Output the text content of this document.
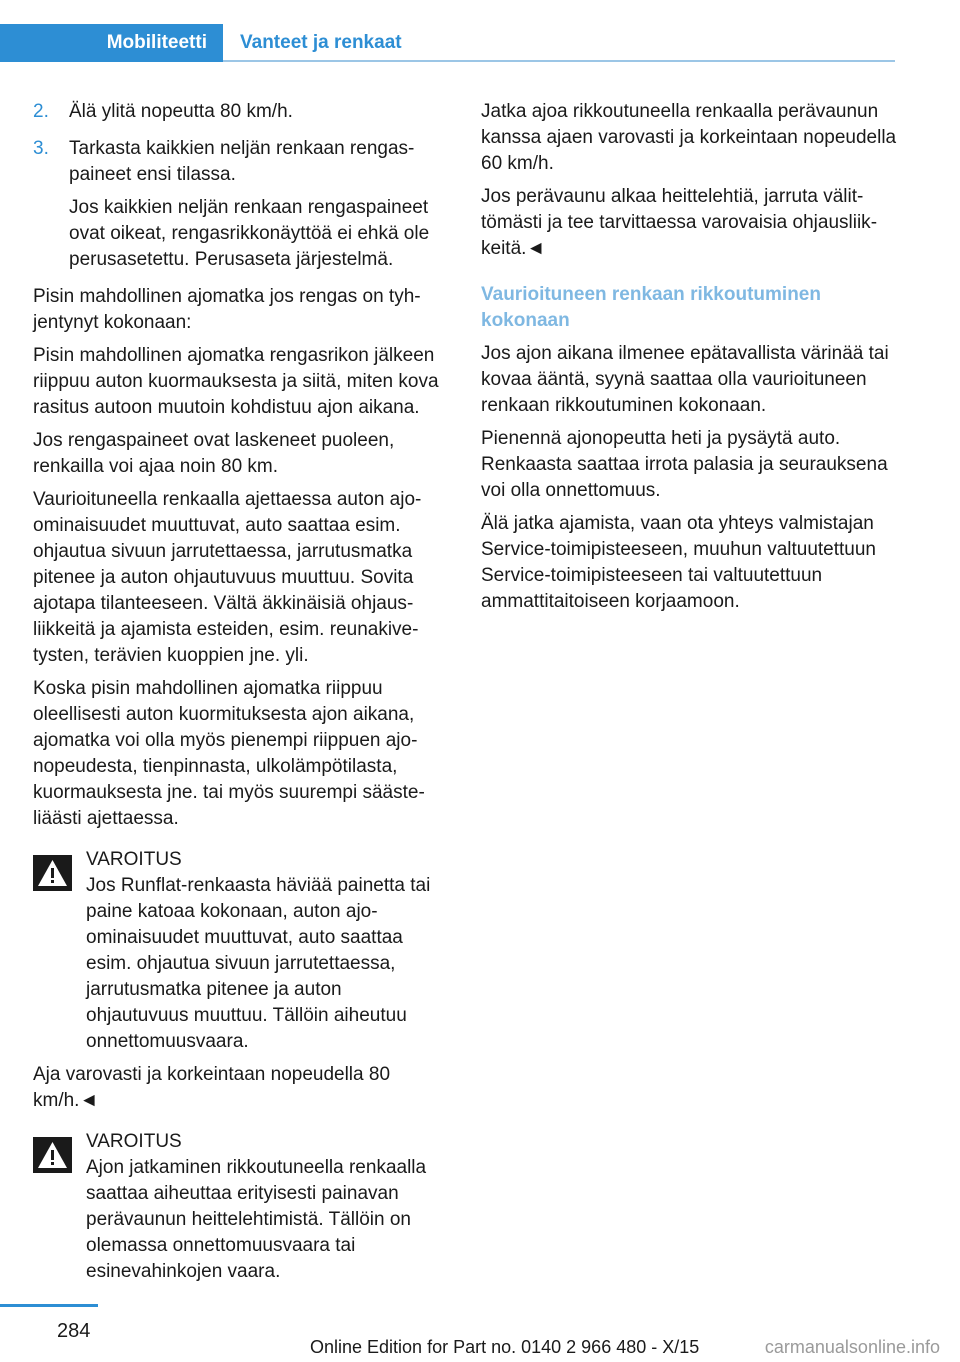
Mobiliteetti	Vanteet ja renkaat
2.	Älä ylitä nopeutta 80 km/h.

3.	Tarkasta kaikkien neljän renkaan rengaspaineet ensi tilassa.

Jos kaikkien neljän renkaan rengaspaineet ovat oikeat, rengasrikkonäyttöä ei ehkä ole perusasetettu. Perusaseta järjestelmä.

Pisin mahdollinen ajomatka jos rengas on tyhjentynyt kokonaan:

Pisin mahdollinen ajomatka rengasrikon jälkeen riippuu auton kuormauksesta ja siitä, miten kova rasitus autoon muutoin kohdistuu ajon aikana.

Jos rengaspaineet ovat laskeneet puoleen, renkailla voi ajaa noin 80 km.

Vaurioituneella renkaalla ajettaessa auton ajoominaisuudet muuttuvat, auto saattaa esim. ohjautua sivuun jarrutettaessa, jarrutusmatka pitenee ja auton ohjautuvuus muuttuu. Sovita ajotapa tilanteeseen. Vältä äkkinäisiä ohjausliikkeitä ja ajamista esteiden, esim. reunakivetysten, terävien kuoppien jne. yli.

Koska pisin mahdollinen ajomatka riippuu oleellisesti auton kuormituksesta ajon aikana, ajomatka voi olla myös pienempi riippuen ajonopeudesta, tienpinnasta, ulkolämpötilasta, kuormauksesta jne. tai myös suurempi säästeliäästi ajettaessa.

VAROITUS

Jos Runflat-renkaasta häviää painetta tai paine katoaa kokonaan, auton ajo-ominaisuudet muuttuvat, auto saattaa esim. ohjautua sivuun jarrutettaessa, jarrutusmatka pitenee ja auton ohjautuvuus muuttuu. Tällöin aiheutuu onnettomuusvaara.

Aja varovasti ja korkeintaan nopeudella 80 km/h.◄

VAROITUS

Ajon jatkaminen rikkoutuneella renkaalla saattaa aiheuttaa erityisesti painavan perävaunun heittelehtimistä. Tällöin on olemassa onnettomuusvaara tai esinevahinkojen vaara.

Jatka ajoa rikkoutuneella renkaalla perävaunun kanssa ajaen varovasti ja korkeintaan nopeudella 60 km/h.

Jos perävaunu alkaa heittelehtiä, jarruta välittömästi ja tee tarvittaessa varovaisia ohjausliikkeitä.◄

Vaurioituneen renkaan rikkoutuminen kokonaan

Jos ajon aikana ilmenee epätavallista värinää tai kovaa ääntä, syynä saattaa olla vaurioituneen renkaan rikkoutuminen kokonaan.

Pienennä ajonopeutta heti ja pysäytä auto. Renkaasta saattaa irrota palasia ja seurauksena voi olla onnettomuus.

Älä jatka ajamista, vaan ota yhteys valmistajan Service-toimipisteeseen, muuhun valtuutettuun Service-toimipisteeseen tai valtuutettuun ammattitaitoiseen korjaamoon.

284
Online Edition for Part no. 0140 2 966 480 - X/15	carmanualsonline.info
